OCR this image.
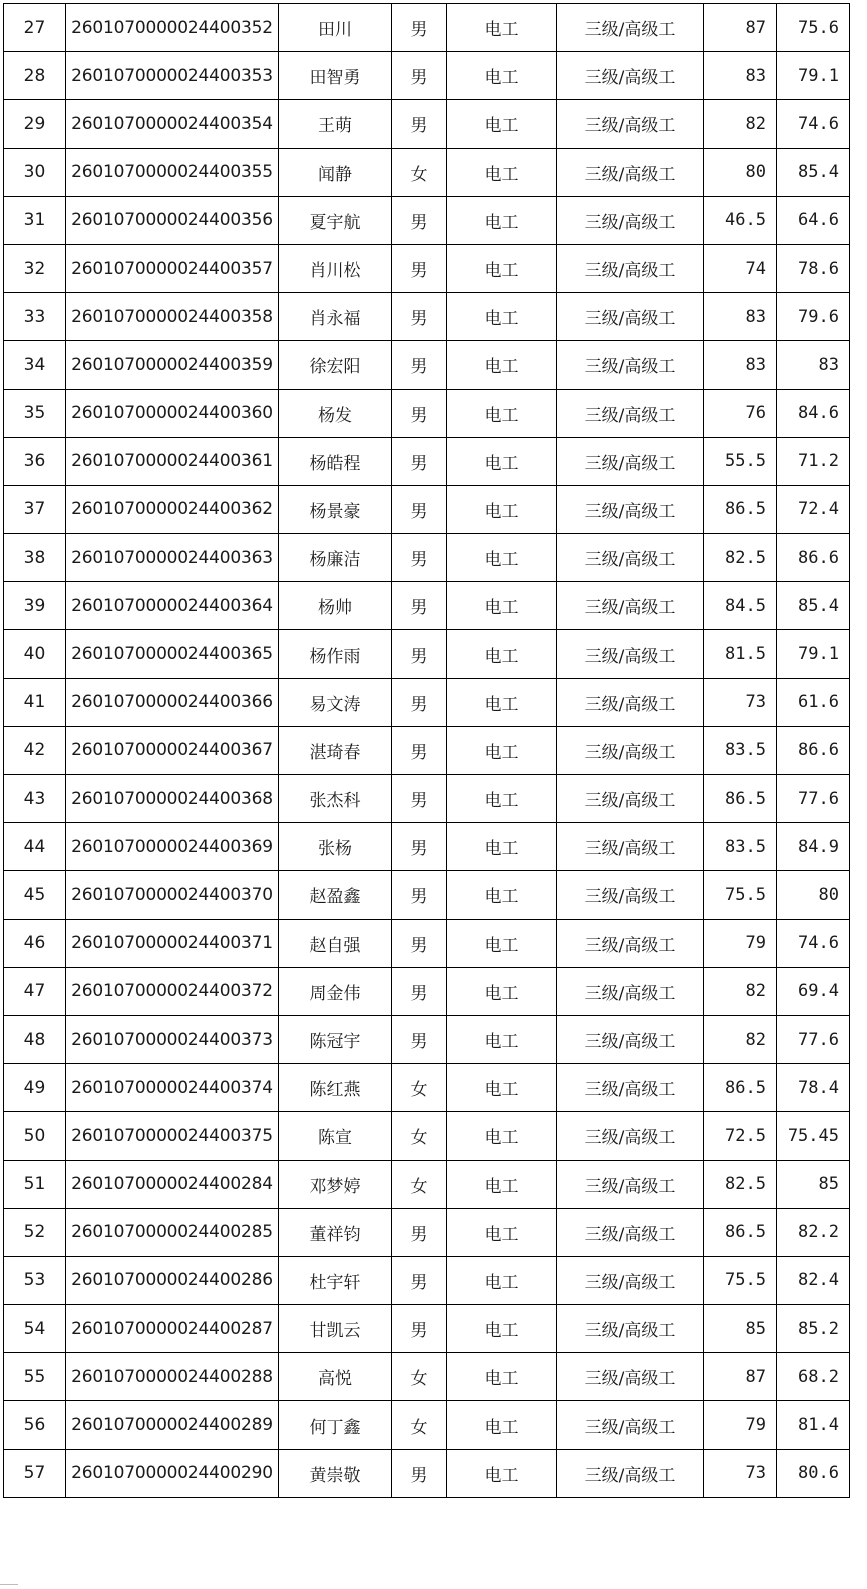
27	2601070000024400352	田川	男	电工	三级/高级工	87	75.6
28	2601070000024400353	田智勇	男	电工	三级/高级工	83	79.1
29	2601070000024400354	王萌	男	电工	三级/高级工	82	74.6
30	2601070000024400355	闻静	女	电工	三级/高级工	80	85.4
31	2601070000024400356	夏宇航	男	电工	三级/高级工	46.5	64.6
32	2601070000024400357	肖川松	男	电工	三级/高级工	74	78.6
33	2601070000024400358	肖永福	男	电工	三级/高级工	83	79.6
34	2601070000024400359	徐宏阳	男	电工	三级/高级工	83	83
35	2601070000024400360	杨发	男	电工	三级/高级工	76	84.6
36	2601070000024400361	杨皓程	男	电工	三级/高级工	55.5	71.2
37	2601070000024400362	杨景豪	男	电工	三级/高级工	86.5	72.4
38	2601070000024400363	杨廉洁	男	电工	三级/高级工	82.5	86.6
39	2601070000024400364	杨帅	男	电工	三级/高级工	84.5	85.4
40	2601070000024400365	杨作雨	男	电工	三级/高级工	81.5	79.1
41	2601070000024400366	易文涛	男	电工	三级/高级工	73	61.6
42	2601070000024400367	湛琦春	男	电工	三级/高级工	83.5	86.6
43	2601070000024400368	张杰科	男	电工	三级/高级工	86.5	77.6
44	2601070000024400369	张杨	男	电工	三级/高级工	83.5	84.9
45	2601070000024400370	赵盈鑫	男	电工	三级/高级工	75.5	80
46	2601070000024400371	赵自强	男	电工	三级/高级工	79	74.6
47	2601070000024400372	周金伟	男	电工	三级/高级工	82	69.4
48	2601070000024400373	陈冠宇	男	电工	三级/高级工	82	77.6
49	2601070000024400374	陈红燕	女	电工	三级/高级工	86.5	78.4
50	2601070000024400375	陈宣	女	电工	三级/高级工	72.5	75.45
51	2601070000024400284	邓梦婷	女	电工	三级/高级工	82.5	85
52	2601070000024400285	董祥钧	男	电工	三级/高级工	86.5	82.2
53	2601070000024400286	杜宇轩	男	电工	三级/高级工	75.5	82.4
54	2601070000024400287	甘凯云	男	电工	三级/高级工	85	85.2
55	2601070000024400288	高悦	女	电工	三级/高级工	87	68.2
56	2601070000024400289	何丁鑫	女	电工	三级/高级工	79	81.4
57	2601070000024400290	黄崇敬	男	电工	三级/高级工	73	80.6
